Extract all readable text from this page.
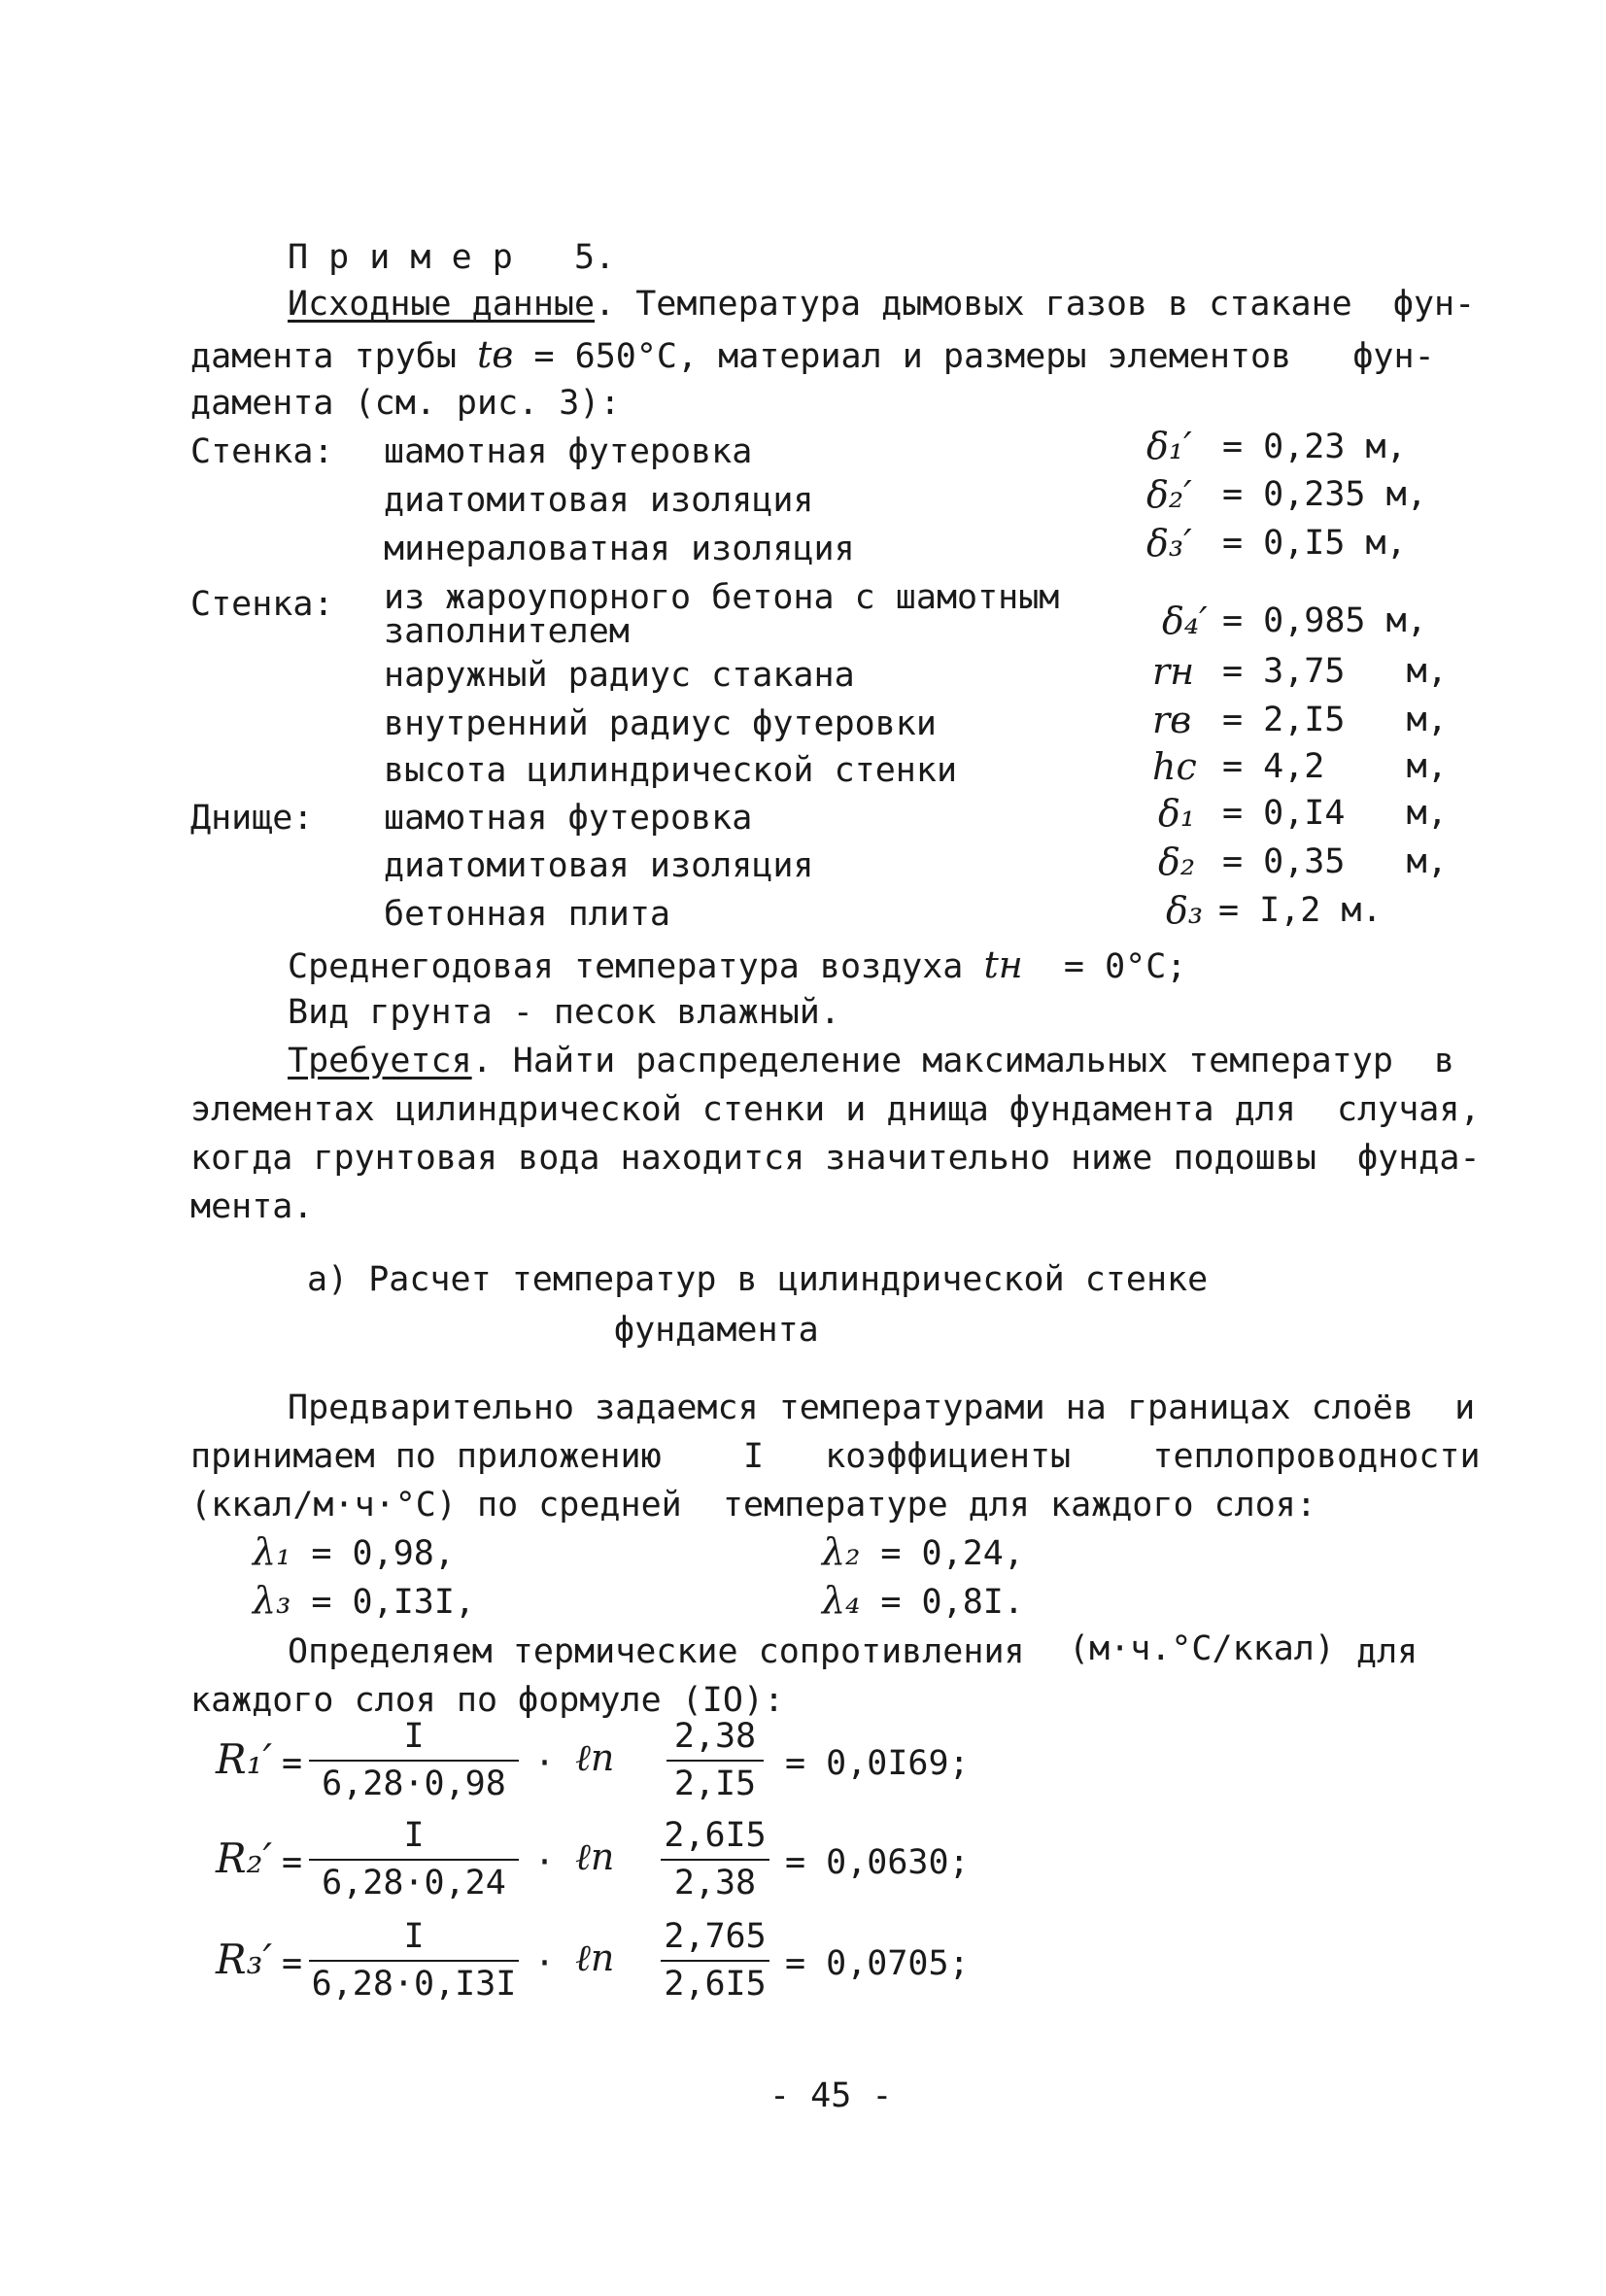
П р и м е р   5.
Исходные данные. Температура дымовых газов в стакане  фун-
дамента трубы tв = 650°С, материал и размеры элементов   фун-
дамента (см. рис. 3):
Стенка: шамотная футеровка	δ₁′ = 0,23 м,
диатомитовая изоляция	δ₂′ = 0,235 м,
минераловатная изоляция	δ₃′ = 0,I5 м,
Стенка: из жароупорного бетона с шамотным
заполнителем	δ₄′ = 0,985 м,
наружный радиус стакана	rн = 3,75   м,
внутренний радиус футеровки	rв = 2,I5   м,
высота цилиндрической стенки	hс = 4,2    м,
Днище: шамотная футеровка	δ₁ = 0,I4   м,
диатомитовая изоляция	δ₂ = 0,35   м,
бетонная плита	δ₃ = I,2 м.
Среднегодовая температура воздуха tн = 0°С;
Вид грунта - песок влажный.
Требуется. Найти распределение максимальных температур  в
элементах цилиндрической стенки и днища фундамента для  случая,
когда грунтовая вода находится значительно ниже подошвы  фунда-
мента.
а) Расчет температур в цилиндрической стенке
фундамента
Предварительно задаемся температурами на границах слоёв  и
принимаем по приложению    I   коэффициенты    теплопроводности
(ккал/м·ч·°С) по средней  температуре для каждого слоя:
λ₁ = 0,98,	λ₂ = 0,24,
λ₃ = 0,I3I,	λ₄ = 0,8I.
Определяем термические сопротивления (м·ч.°С/ккал) для
каждого слоя по формуле (IO):
R₁′ =
I
6,28·0,98
· ℓn 2,38
2,I5
= 0,0I69;
R₂′ =
I
6,28·0,24
· ℓn 2,6I5
2,38
= 0,0630;
R₃′ =
I
6,28·0,I3I
· ℓn 2,765
2,6I5
= 0,0705;
- 45 -
